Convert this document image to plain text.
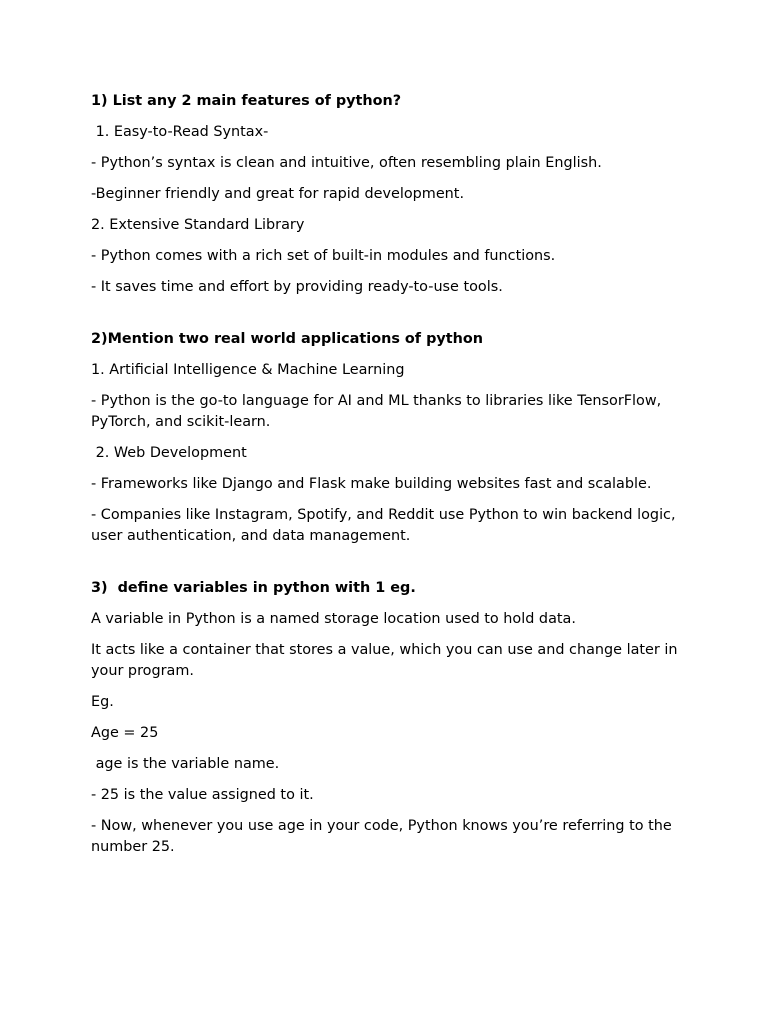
1) List any 2 main features of python?

1. Easy-to-Read Syntax-

- Python’s syntax is clean and intuitive, often resembling plain English.

-Beginner friendly and great for rapid development.

2. Extensive Standard Library

- Python comes with a rich set of built-in modules and functions.

- It saves time and effort by providing ready-to-use tools.

2)Mention two real world applications of python

1. Artificial Intelligence & Machine Learning

- Python is the go-to language for AI and ML thanks to libraries like TensorFlow, PyTorch, and scikit-learn.

2. Web Development

- Frameworks like Django and Flask make building websites fast and scalable.

- Companies like Instagram, Spotify, and Reddit use Python to win backend logic, user authentication, and data management.

3)  define variables in python with 1 eg.

A variable in Python is a named storage location used to hold data.

It acts like a container that stores a value, which you can use and change later in your program.

Eg.

Age = 25

age is the variable name.

- 25 is the value assigned to it.

- Now, whenever you use age in your code, Python knows you’re referring to the number 25.
